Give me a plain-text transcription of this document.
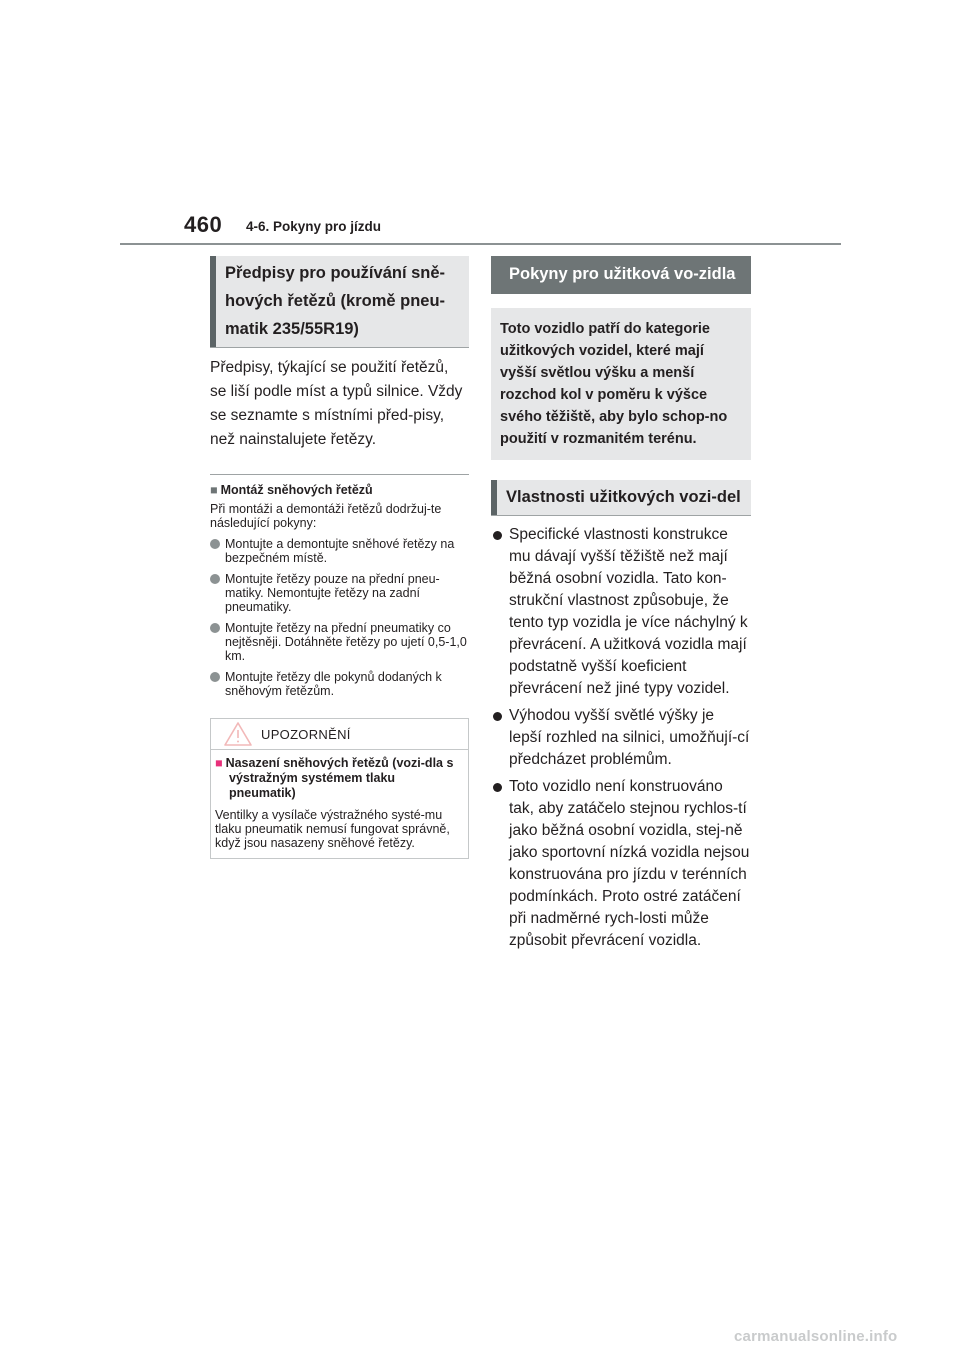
460 4-6. Pokyny pro jízdu
Předpisy pro používání sně-hových řetězů (kromě pneu-matik 235/55R19)

Předpisy, týkající se použití řetězů, se liší podle míst a typů silnice. Vždy se seznamte s místními před-pisy, než nainstalujete řetězy.

■ Montáž sněhových řetězů

Při montáži a demontáži řetězů dodržuj-te následující pokyny:

Montujte a demontujte sněhové řetězy na bezpečném místě.
Montujte řetězy pouze na přední pneu-matiky. Nemontujte řetězy na zadní pneumatiky.
Montujte řetězy na přední pneumatiky co nejtěsněji. Dotáhněte řetězy po ujetí 0,5-1,0 km.
Montujte řetězy dle pokynů dodaných k sněhovým řetězům.
UPOZORNĚNÍ
■ Nasazení sněhových řetězů (vozi-dla s výstražným systémem tlaku pneumatik)

Ventilky a vysílače výstražného systé-mu tlaku pneumatik nemusí fungovat správně, když jsou nasazeny sněhové řetězy.

Pokyny pro užitková vo-zidla
Toto vozidlo patří do kategorie užitkových vozidel, které mají vyšší světlou výšku a menší rozchod kol v poměru k výšce svého těžiště, aby bylo schop-no použití v rozmanitém terénu.
Vlastnosti užitkových vozi-del
Specifické vlastnosti konstrukce mu dávají vyšší těžiště než mají běžná osobní vozidla. Tato kon-strukční vlastnost způsobuje, že tento typ vozidla je více náchylný k převrácení. A užitková vozidla mají podstatně vyšší koeficient převrácení než jiné typy vozidel.
Výhodou vyšší světlé výšky je lepší rozhled na silnici, umožňují-cí předcházet problémům.
Toto vozidlo není konstruováno tak, aby zatáčelo stejnou rychlos-tí jako běžná osobní vozidla, stej-ně jako sportovní nízká vozidla nejsou konstruována pro jízdu v terénních podmínkách. Proto ostré zatáčení při nadměrné rych-losti může způsobit převrácení vozidla.
carmanualsonline.info
